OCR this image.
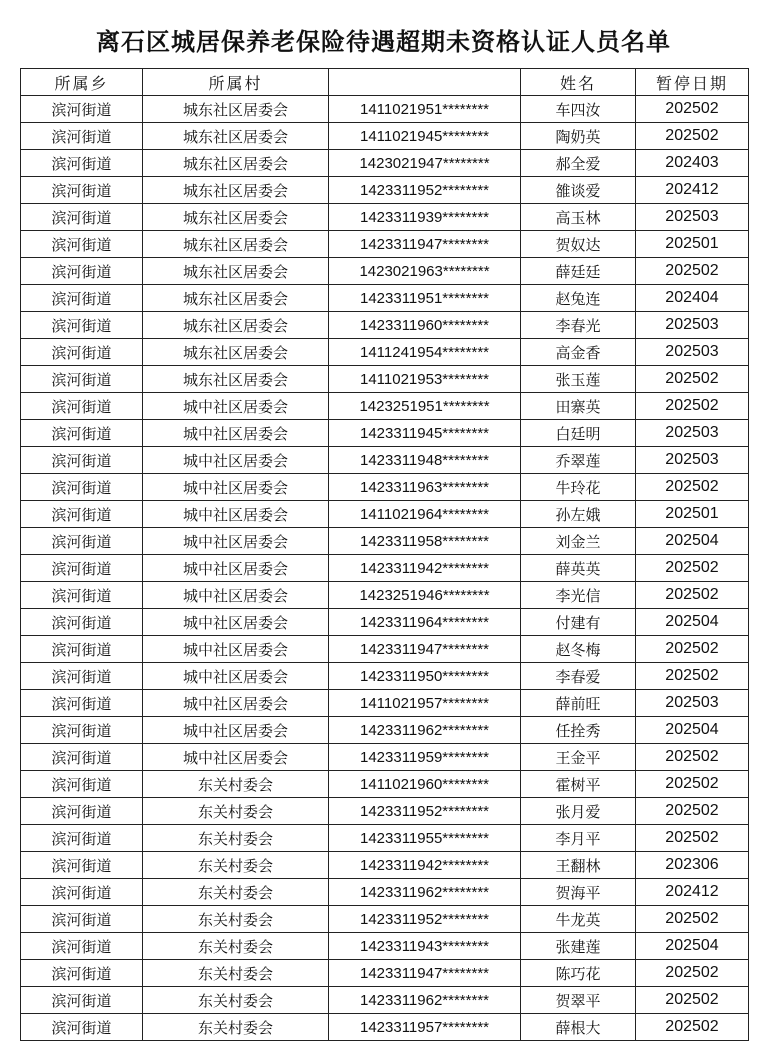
离石区城居保养老保险待遇超期未资格认证人员名单
所属乡	所属村		姓名	暂停日期
滨河街道	城东社区居委会	1411021951********	车四汝	202502
滨河街道	城东社区居委会	1411021945********	陶奶英	202502
滨河街道	城东社区居委会	1423021947********	郝全爱	202403
滨河街道	城东社区居委会	1423311952********	雒谈爱	202412
滨河街道	城东社区居委会	1423311939********	高玉林	202503
滨河街道	城东社区居委会	1423311947********	贺奴达	202501
滨河街道	城东社区居委会	1423021963********	薛廷廷	202502
滨河街道	城东社区居委会	1423311951********	赵兔连	202404
滨河街道	城东社区居委会	1423311960********	李春光	202503
滨河街道	城东社区居委会	1411241954********	高金香	202503
滨河街道	城东社区居委会	1411021953********	张玉莲	202502
滨河街道	城中社区居委会	1423251951********	田寨英	202502
滨河街道	城中社区居委会	1423311945********	白廷明	202503
滨河街道	城中社区居委会	1423311948********	乔翠莲	202503
滨河街道	城中社区居委会	1423311963********	牛玲花	202502
滨河街道	城中社区居委会	1411021964********	孙左娥	202501
滨河街道	城中社区居委会	1423311958********	刘金兰	202504
滨河街道	城中社区居委会	1423311942********	薛英英	202502
滨河街道	城中社区居委会	1423251946********	李光信	202502
滨河街道	城中社区居委会	1423311964********	付建有	202504
滨河街道	城中社区居委会	1423311947********	赵冬梅	202502
滨河街道	城中社区居委会	1423311950********	李春爱	202502
滨河街道	城中社区居委会	1411021957********	薛前旺	202503
滨河街道	城中社区居委会	1423311962********	任拴秀	202504
滨河街道	城中社区居委会	1423311959********	王金平	202502
滨河街道	东关村委会	1411021960********	霍树平	202502
滨河街道	东关村委会	1423311952********	张月爱	202502
滨河街道	东关村委会	1423311955********	李月平	202502
滨河街道	东关村委会	1423311942********	王翻林	202306
滨河街道	东关村委会	1423311962********	贺海平	202412
滨河街道	东关村委会	1423311952********	牛龙英	202502
滨河街道	东关村委会	1423311943********	张建莲	202504
滨河街道	东关村委会	1423311947********	陈巧花	202502
滨河街道	东关村委会	1423311962********	贺翠平	202502
滨河街道	东关村委会	1423311957********	薛根大	202502
